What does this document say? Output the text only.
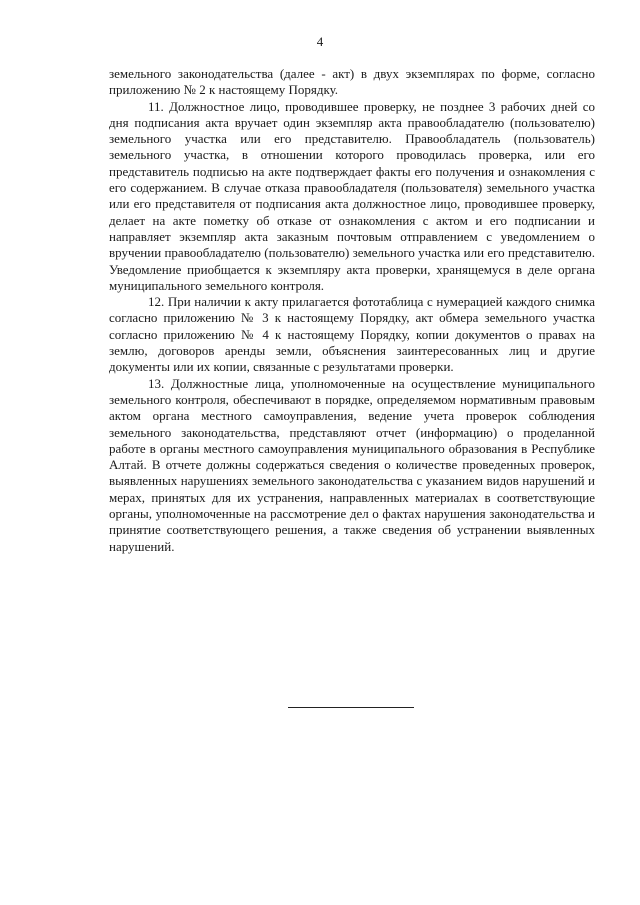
4

земельного законодательства (далее - акт) в двух экземплярах по форме, согласно приложению № 2 к настоящему Порядку.

11. Должностное лицо, проводившее проверку, не позднее 3 рабочих дней со дня подписания акта вручает один экземпляр акта правообладателю (пользователю) земельного участка или его представителю. Правообладатель (пользователь) земельного участка, в отношении которого проводилась проверка, или его представитель подписью на акте подтверждает факты его получения и ознакомления с его содержанием. В случае отказа правообладателя (пользователя) земельного участка или его представителя от подписания акта должностное лицо, проводившее проверку, делает на акте пометку об отказе от ознакомления с актом и его подписании и направляет экземпляр акта заказным почтовым отправлением с уведомлением о вручении правообладателю (пользователю) земельного участка или его представителю. Уведомление приобщается к экземпляру акта проверки, хранящемуся в деле органа муниципального земельного контроля.

12. При наличии к акту прилагается фототаблица с нумерацией каждого снимка согласно приложению № 3 к настоящему Порядку, акт обмера земельного участка согласно приложению № 4 к настоящему Порядку, копии документов о правах на землю, договоров аренды земли, объяснения заинтересованных лиц и другие документы или их копии, связанные с результатами проверки.

13. Должностные лица, уполномоченные на осуществление муниципального земельного контроля, обеспечивают в порядке, определяемом нормативным правовым актом органа местного самоуправления, ведение учета проверок соблюдения земельного законодательства, представляют отчет (информацию) о проделанной работе в органы местного самоуправления муниципального образования в Республике Алтай. В отчете должны содержаться сведения о количестве проведенных проверок, выявленных нарушениях земельного законодательства с указанием видов нарушений и мерах, принятых для их устранения, направленных материалах в соответствующие органы, уполномоченные на рассмотрение дел о фактах нарушения законодательства и принятие соответствующего решения, а также сведения об устранении выявленных нарушений.
